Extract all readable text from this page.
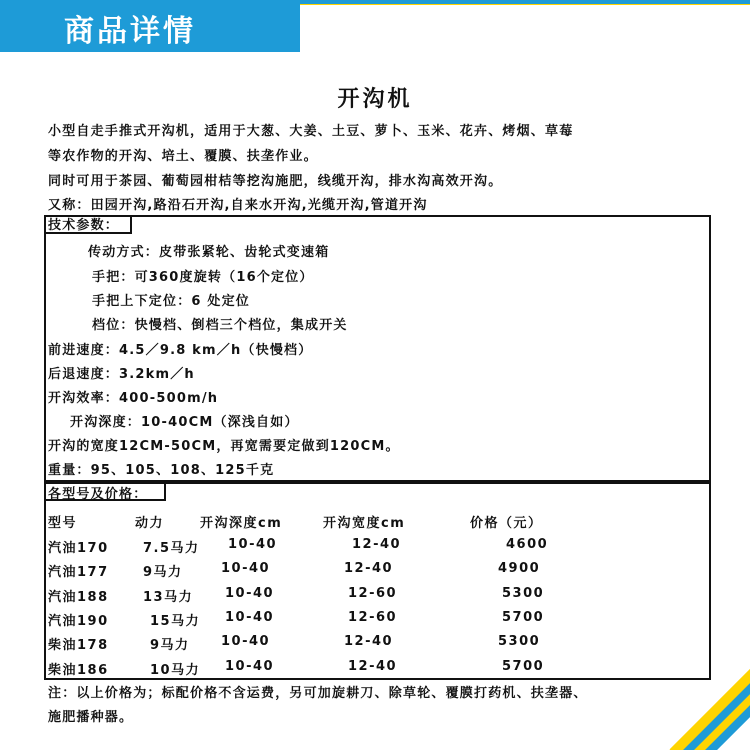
商品详情
开沟机
小型自走手推式开沟机，适用于大葱、大姜、土豆、萝卜、玉米、花卉、烤烟、草莓
等农作物的开沟、培土、覆膜、扶垄作业。
同时可用于茶园、葡萄园柑桔等挖沟施肥，线缆开沟，排水沟高效开沟。
又称：田园开沟,路沿石开沟,自来水开沟,光缆开沟,管道开沟
技术参数：
传动方式：皮带张紧轮、齿轮式变速箱
手把：可360度旋转（16个定位）
手把上下定位：6 处定位
档位：快慢档、倒档三个档位，集成开关
前进速度：4.5／9.8 km／h（快慢档）
后退速度：3.2km／h
开沟效率：400-500m/h
开沟深度：10-40CM（深浅自如）
开沟的宽度12CM-50CM，再宽需要定做到120CM。
重量：95、105、108、125千克
各型号及价格：
型号	动力	开沟深度cm	开沟宽度cm	价格（元）
汽油170	7.5马力 10-40	12-40	4600
汽油177	9马力	10-40	12-40	4900
汽油188	13马力 10-40	12-60	5300
汽油190	15马力 10-40	12-60	5700
柴油178	9马力 10-40	12-40	5300
柴油186	10马力 10-40	12-40	5700
注：以上价格为；标配价格不含运费，另可加旋耕刀、除草轮、覆膜打药机、扶垄器、
施肥播种器。
